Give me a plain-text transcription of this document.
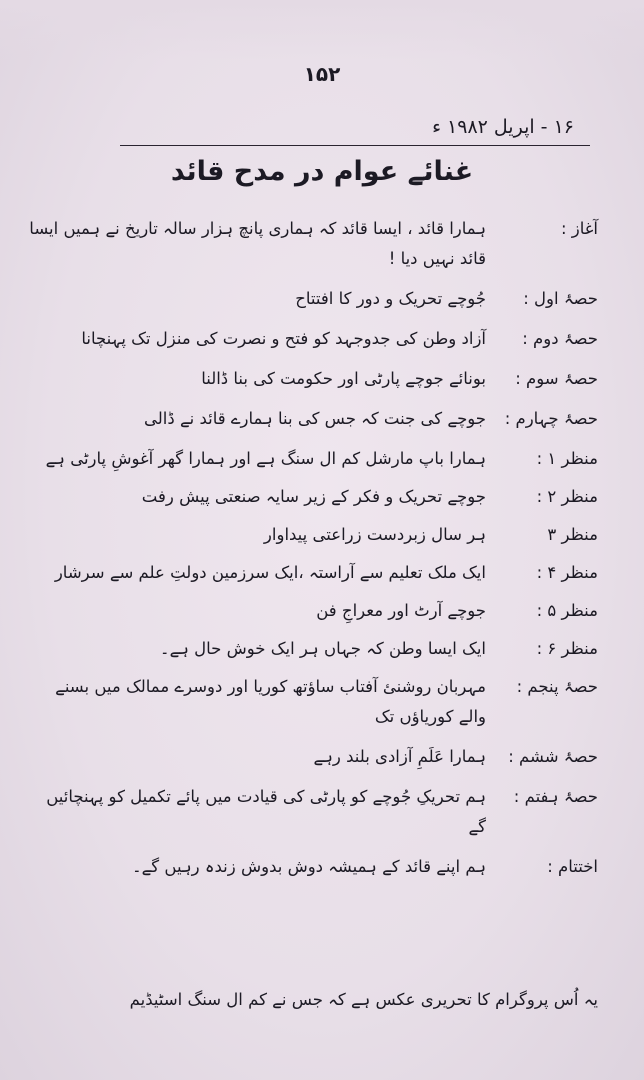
۱۵۲
۱۶ - اپریل ۱۹۸۲ ء
غنائے عوام در مدح قائد
آغاز :
ہمارا قائد ، ایسا قائد کہ ہماری پانچ ہزار سالہ تاریخ نے ہمیں ایسا قائد نہیں دیا !
حصۂ اول :
جُوچے تحریک و دور کا افتتاح
حصۂ دوم :
آزاد وطن کی جدوجہد کو فتح و نصرت کی منزل تک پہنچانا
حصۂ سوم :
بونائے جوچے پارٹی اور حکومت کی بنا ڈالنا
حصۂ چہارم :
جوچے کی جنت کہ جس کی بنا ہمارے قائد نے ڈالی
منظر ۱ :
ہمارا باپ مارشل کم ال سنگ ہے اور ہمارا گھر آغوشِ پارٹی ہے
منظر ۲ :
جوچے تحریک و فکر کے زیر سایہ صنعتی پیش رفت
منظر ۳
ہر سال زبردست زراعتی پیداوار
منظر ۴ :
ایک ملک تعلیم سے آراستہ ،ایک سرزمین دولتِ علم سے سرشار
منظر ۵ :
جوچے آرٹ اور معراجِ فن
منظر ۶ :
ایک ایسا وطن کہ جہاں ہر ایک خوش حال ہے۔
حصۂ پنجم :
مہربان روشنئ آفتاب ساؤتھ کوریا اور دوسرے ممالک میں بسنے والے کوریاؤں تک
حصۂ ششم :
ہمارا عَلَمِ آزادی بلند رہے
حصۂ ہفتم :
ہم تحریکِ جُوچے کو پارٹی کی قیادت میں پائے تکمیل کو پہنچائیں گے
اختتام :
ہم اپنے قائد کے ہمیشہ دوش بدوش زندہ رہیں گے۔
یہ اُس پروگرام کا تحریری عکس ہے کہ جس نے کم ال سنگ اسٹیڈیم
